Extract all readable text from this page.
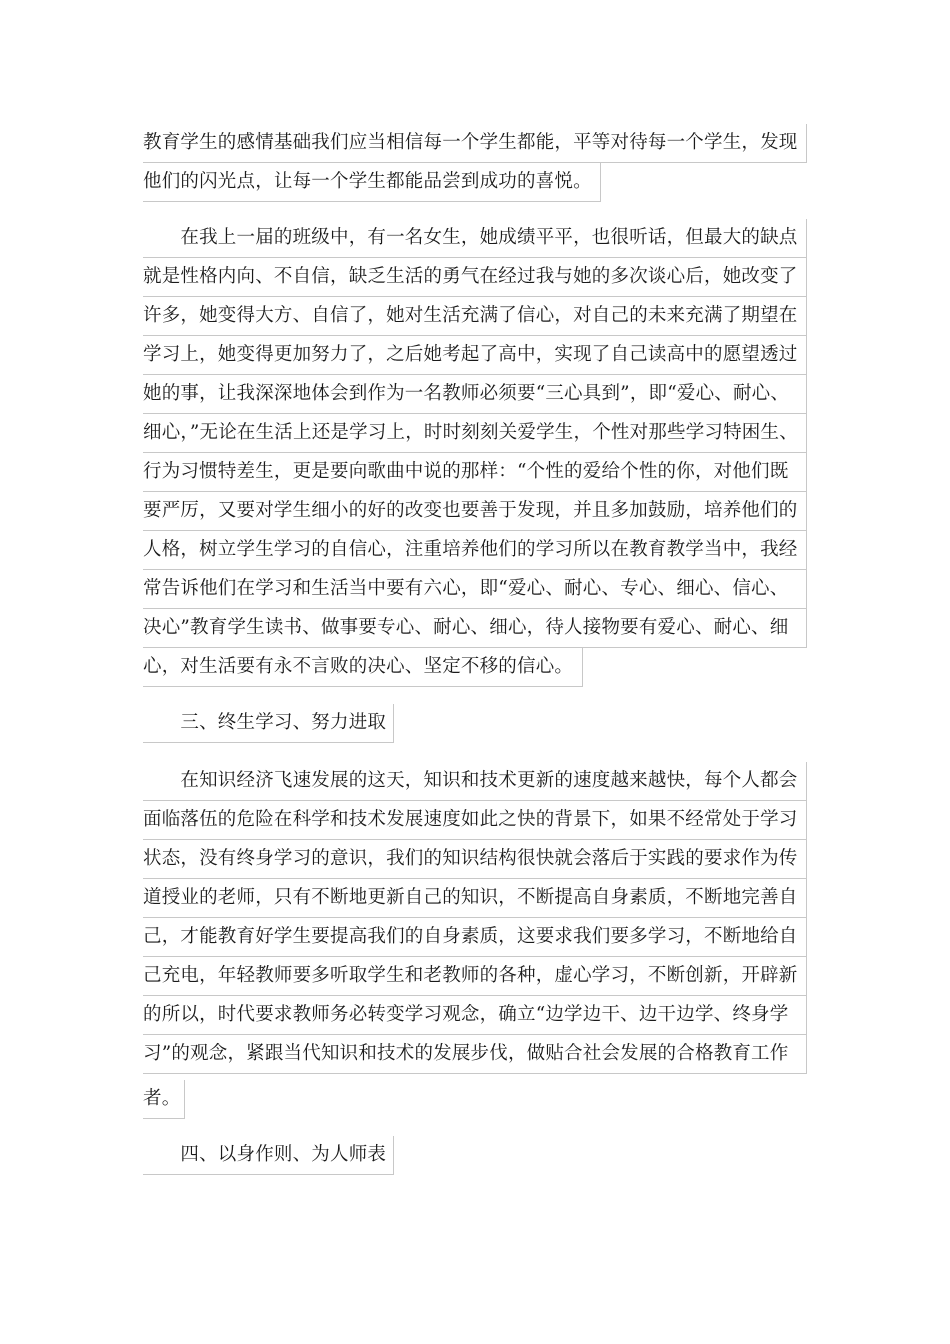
教育学生的感情基础我们应当相信每一个学生都能，平等对待每一个学生，发现
他们的闪光点，让每一个学生都能品尝到成功的喜悦。
　　在我上一届的班级中，有一名女生，她成绩平平，也很听话，但最大的缺点
就是性格内向、不自信，缺乏生活的勇气在经过我与她的多次谈心后，她改变了
许多，她变得大方、自信了，她对生活充满了信心，对自己的未来充满了期望在
学习上，她变得更加努力了，之后她考起了高中，实现了自己读高中的愿望透过
她的事，让我深深地体会到作为一名教师必须要“三心具到”，即“爱心、耐心、
细心，”无论在生活上还是学习上，时时刻刻关爱学生，个性对那些学习特困生、
行为习惯特差生，更是要向歌曲中说的那样：“个性的爱给个性的你，对他们既
要严厉，又要对学生细小的好的改变也要善于发现，并且多加鼓励，培养他们的
人格，树立学生学习的自信心，注重培养他们的学习所以在教育教学当中，我经
常告诉他们在学习和生活当中要有六心，即“爱心、耐心、专心、细心、信心、
决心”教育学生读书、做事要专心、耐心、细心，待人接物要有爱心、耐心、细
心，对生活要有永不言败的决心、坚定不移的信心。
　　三、终生学习、努力进取
　　在知识经济飞速发展的这天，知识和技术更新的速度越来越快，每个人都会
面临落伍的危险在科学和技术发展速度如此之快的背景下，如果不经常处于学习
状态，没有终身学习的意识，我们的知识结构很快就会落后于实践的要求作为传
道授业的老师，只有不断地更新自己的知识，不断提高自身素质，不断地完善自
己，才能教育好学生要提高我们的自身素质，这要求我们要多学习，不断地给自
己充电，年轻教师要多听取学生和老教师的各种，虚心学习，不断创新，开辟新
的所以，时代要求教师务必转变学习观念，确立“边学边干、边干边学、终身学
习”的观念，紧跟当代知识和技术的发展步伐，做贴合社会发展的合格教育工作
者。
　　四、以身作则、为人师表
